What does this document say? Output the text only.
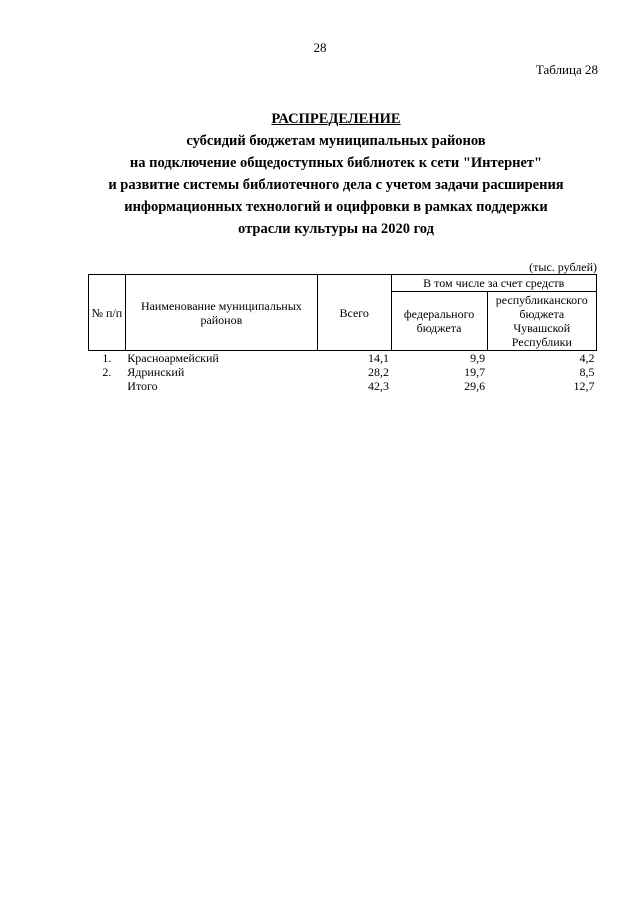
28
Таблица 28
РАСПРЕДЕЛЕНИЕ
субсидий бюджетам муниципальных районов
на подключение общедоступных библиотек к сети "Интернет"
и развитие системы библиотечного дела с учетом задачи расширения
информационных технологий и оцифровки в рамках поддержки
отрасли культуры на 2020 год
(тыс. рублей)
№ п/п	Наименование муниципальных районов	Всего	В том числе за счет средств	
			федерального бюджета	республиканского бюджета Чувашской Республики
1.	Красноармейский	14,1	9,9	4,2
2.	Ядринский	28,2	19,7	8,5
	Итого	42,3	29,6	12,7
